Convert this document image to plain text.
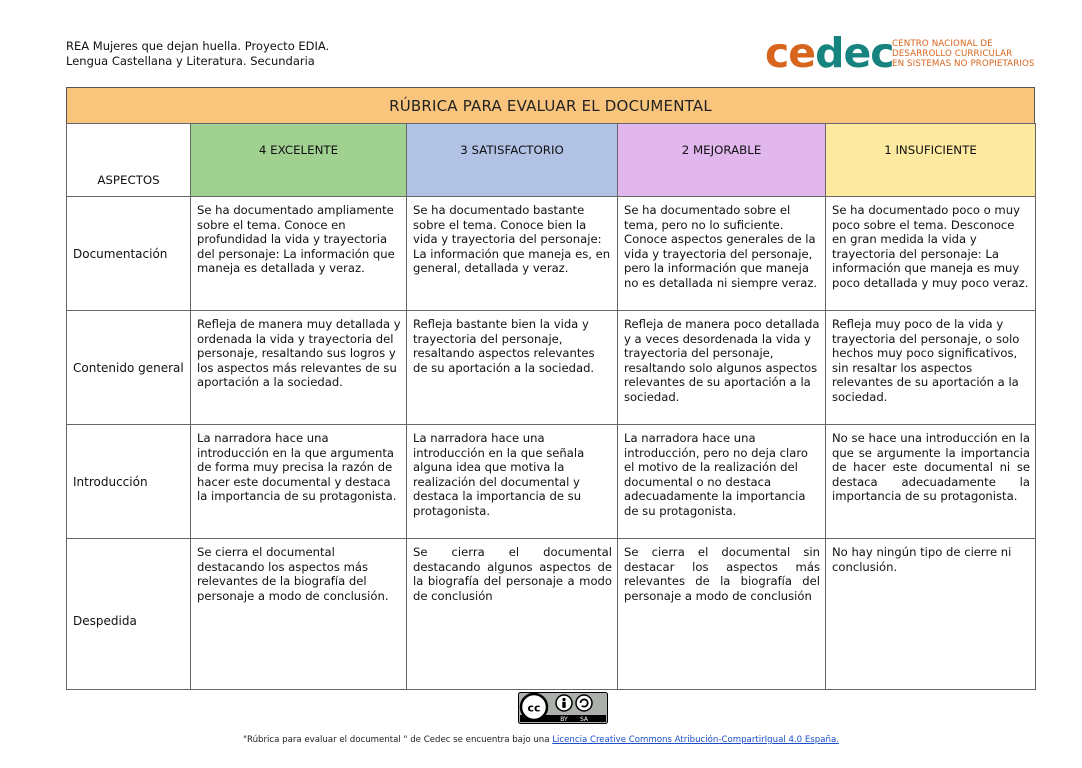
REA Mujeres que dejan huella. Proyecto EDIA.
Lengua Castellana y Literatura. Secundaria	cedec
CENTRO NACIONAL DE
DESARROLLO CURRICULAR
EN SISTEMAS NO PROPIETARIOS
RÚBRICA PARA EVALUAR EL DOCUMENTAL
ASPECTOS	4 EXCELENTE	3 SATISFACTORIO	2 MEJORABLE	1 INSUFICIENTE
Documentación	Se ha documentado ampliamente sobre el tema. Conoce en profundidad la vida y trayectoria del personaje: La información que maneja es detallada y veraz.	Se ha documentado bastante sobre el tema. Conoce bien la vida y trayectoria del personaje: La información que maneja es, en general, detallada y veraz.	Se ha documentado sobre el tema, pero no lo suficiente. Conoce aspectos generales de la vida y trayectoria del personaje, pero la información que maneja no es detallada ni siempre veraz.	Se ha documentado poco o muy poco sobre el tema. Desconoce en gran medida la vida y trayectoria del personaje: La información que maneja es muy poco detallada y muy poco veraz.
Contenido general	Refleja de manera muy detallada y ordenada la vida y trayectoria del personaje, resaltando sus logros y los aspectos más relevantes de su aportación a la sociedad.	Refleja bastante bien la vida y trayectoria del personaje, resaltando aspectos relevantes de su aportación a la sociedad.	Refleja de manera poco detallada y a veces desordenada la vida y trayectoria del personaje, resaltando solo algunos aspectos relevantes de su aportación a la sociedad.	Refleja muy poco de la vida y trayectoria del personaje, o solo hechos muy poco significativos, sin resaltar los aspectos relevantes de su aportación a la sociedad.
Introducción	La narradora hace una introducción en la que argumenta de forma muy precisa la razón de hacer este documental y destaca la importancia de su protagonista.	La narradora hace una introducción en la que señala alguna idea que motiva la realización del documental y destaca la importancia de su protagonista.	La narradora hace una introducción, pero no deja claro el motivo de la realización del documental o no destaca adecuadamente la importancia de su protagonista.	No se hace una introducción en la que se argumente la importancia de hacer este documental ni se destaca adecuadamente la importancia de su protagonista.
Despedida	Se cierra el documental destacando los aspectos más relevantes de la biografía del personaje a modo de conclusión.	Se cierra el documental destacando algunos aspectos de la biografía del personaje a modo de conclusión	Se cierra el documental sin destacar los aspectos más relevantes de la biografía del personaje a modo de conclusión	No hay ningún tipo de cierre ni conclusión.
cc
BY SA
"Rúbrica para evaluar el documental " de Cedec se encuentra bajo una Licencia Creative Commons Atribución-CompartirIgual 4.0 España.
